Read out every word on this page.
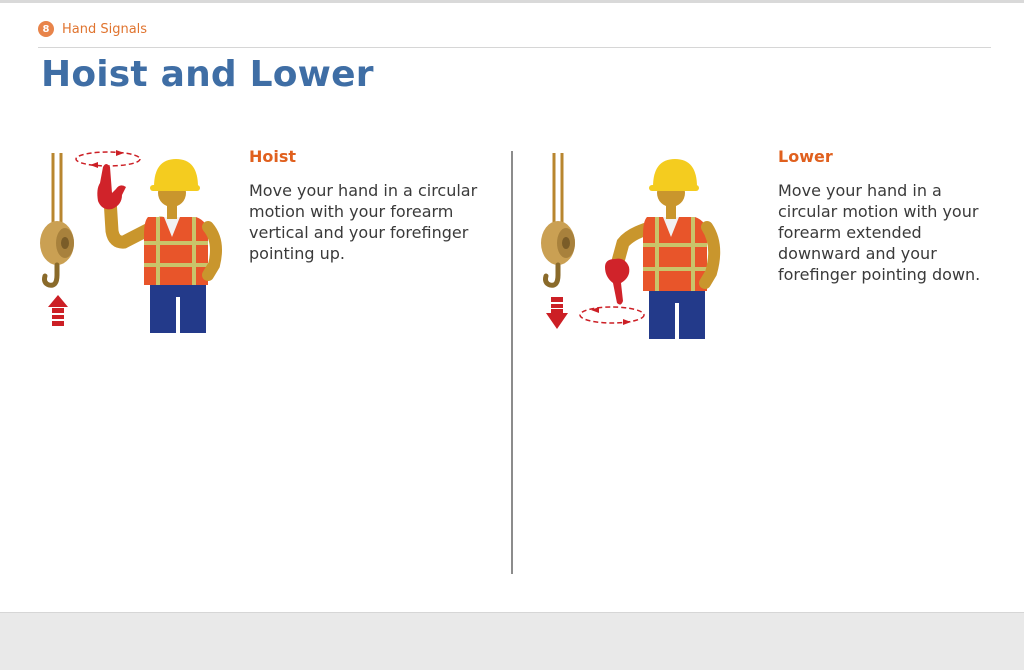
8 Hand Signals
Hoist and Lower
Hoist

Move your hand in a circular motion with your forearm vertical and your forefinger pointing up.

Lower

Move your hand in a circular motion with your forearm extended downward and your forefinger pointing down.
